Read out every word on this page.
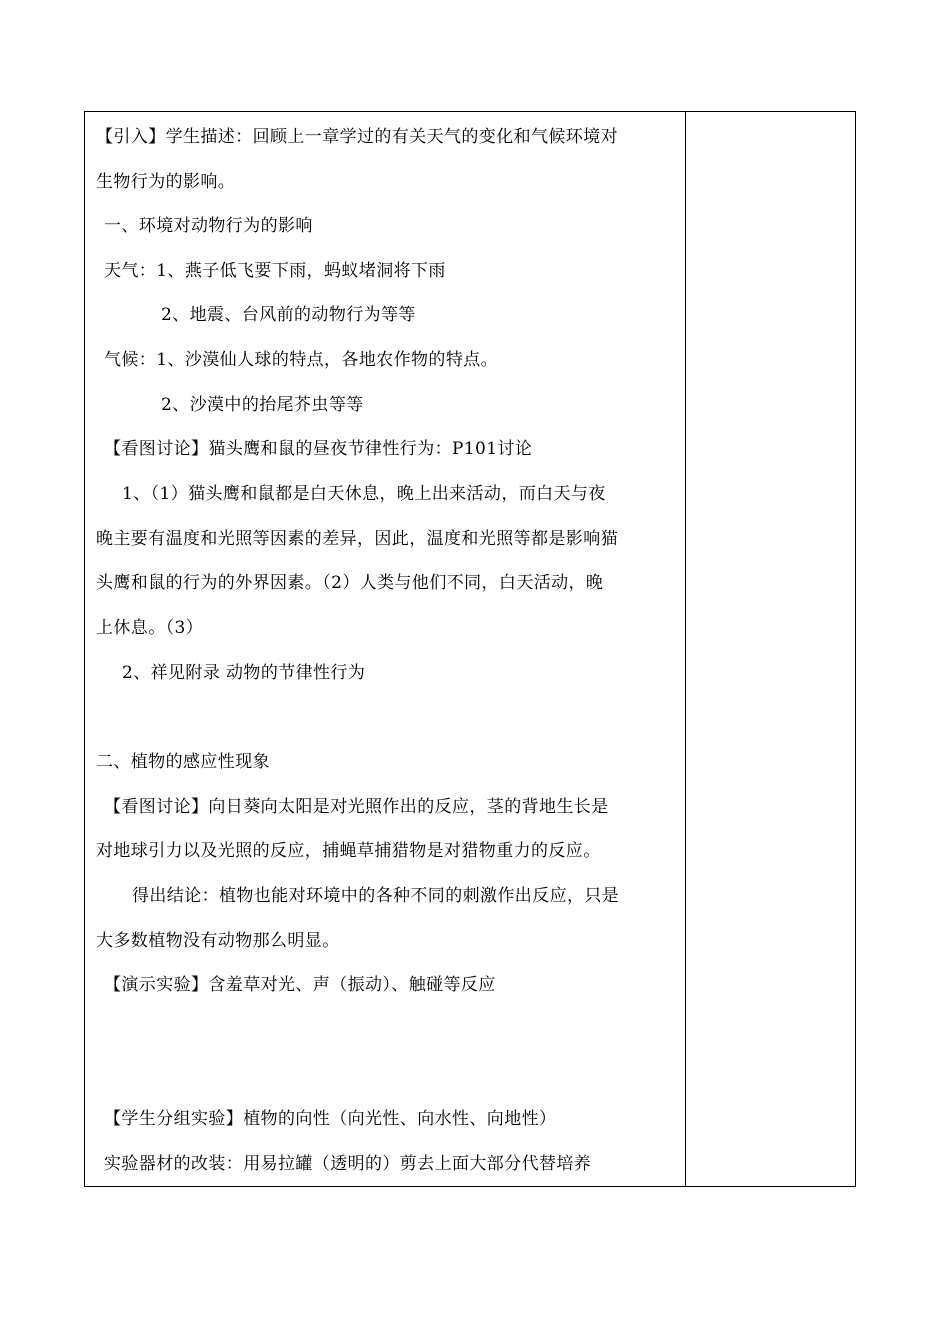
【引入】学生描述：回顾上一章学过的有关天气的变化和气候环境对
生物行为的影响。
一、环境对动物行为的影响
天气：1、燕子低飞要下雨，蚂蚁堵洞将下雨
2、地震、台风前的动物行为等等
气候：1、沙漠仙人球的特点，各地农作物的特点。
2、沙漠中的抬尾芥虫等等
【看图讨论】猫头鹰和鼠的昼夜节律性行为：P101讨论
1、（1）猫头鹰和鼠都是白天休息，晚上出来活动，而白天与夜
晚主要有温度和光照等因素的差异，因此，温度和光照等都是影响猫
头鹰和鼠的行为的外界因素。（2）人类与他们不同，白天活动，晚
上休息。（3）
2、祥见附录 动物的节律性行为
二、植物的感应性现象
【看图讨论】向日葵向太阳是对光照作出的反应，茎的背地生长是
对地球引力以及光照的反应，捕蝇草捕猎物是对猎物重力的反应。
得出结论：植物也能对环境中的各种不同的刺激作出反应，只是
大多数植物没有动物那么明显。
【演示实验】含羞草对光、声（振动）、触碰等反应
【学生分组实验】植物的向性（向光性、向水性、向地性）
实验器材的改装：用易拉罐（透明的）剪去上面大部分代替培养
